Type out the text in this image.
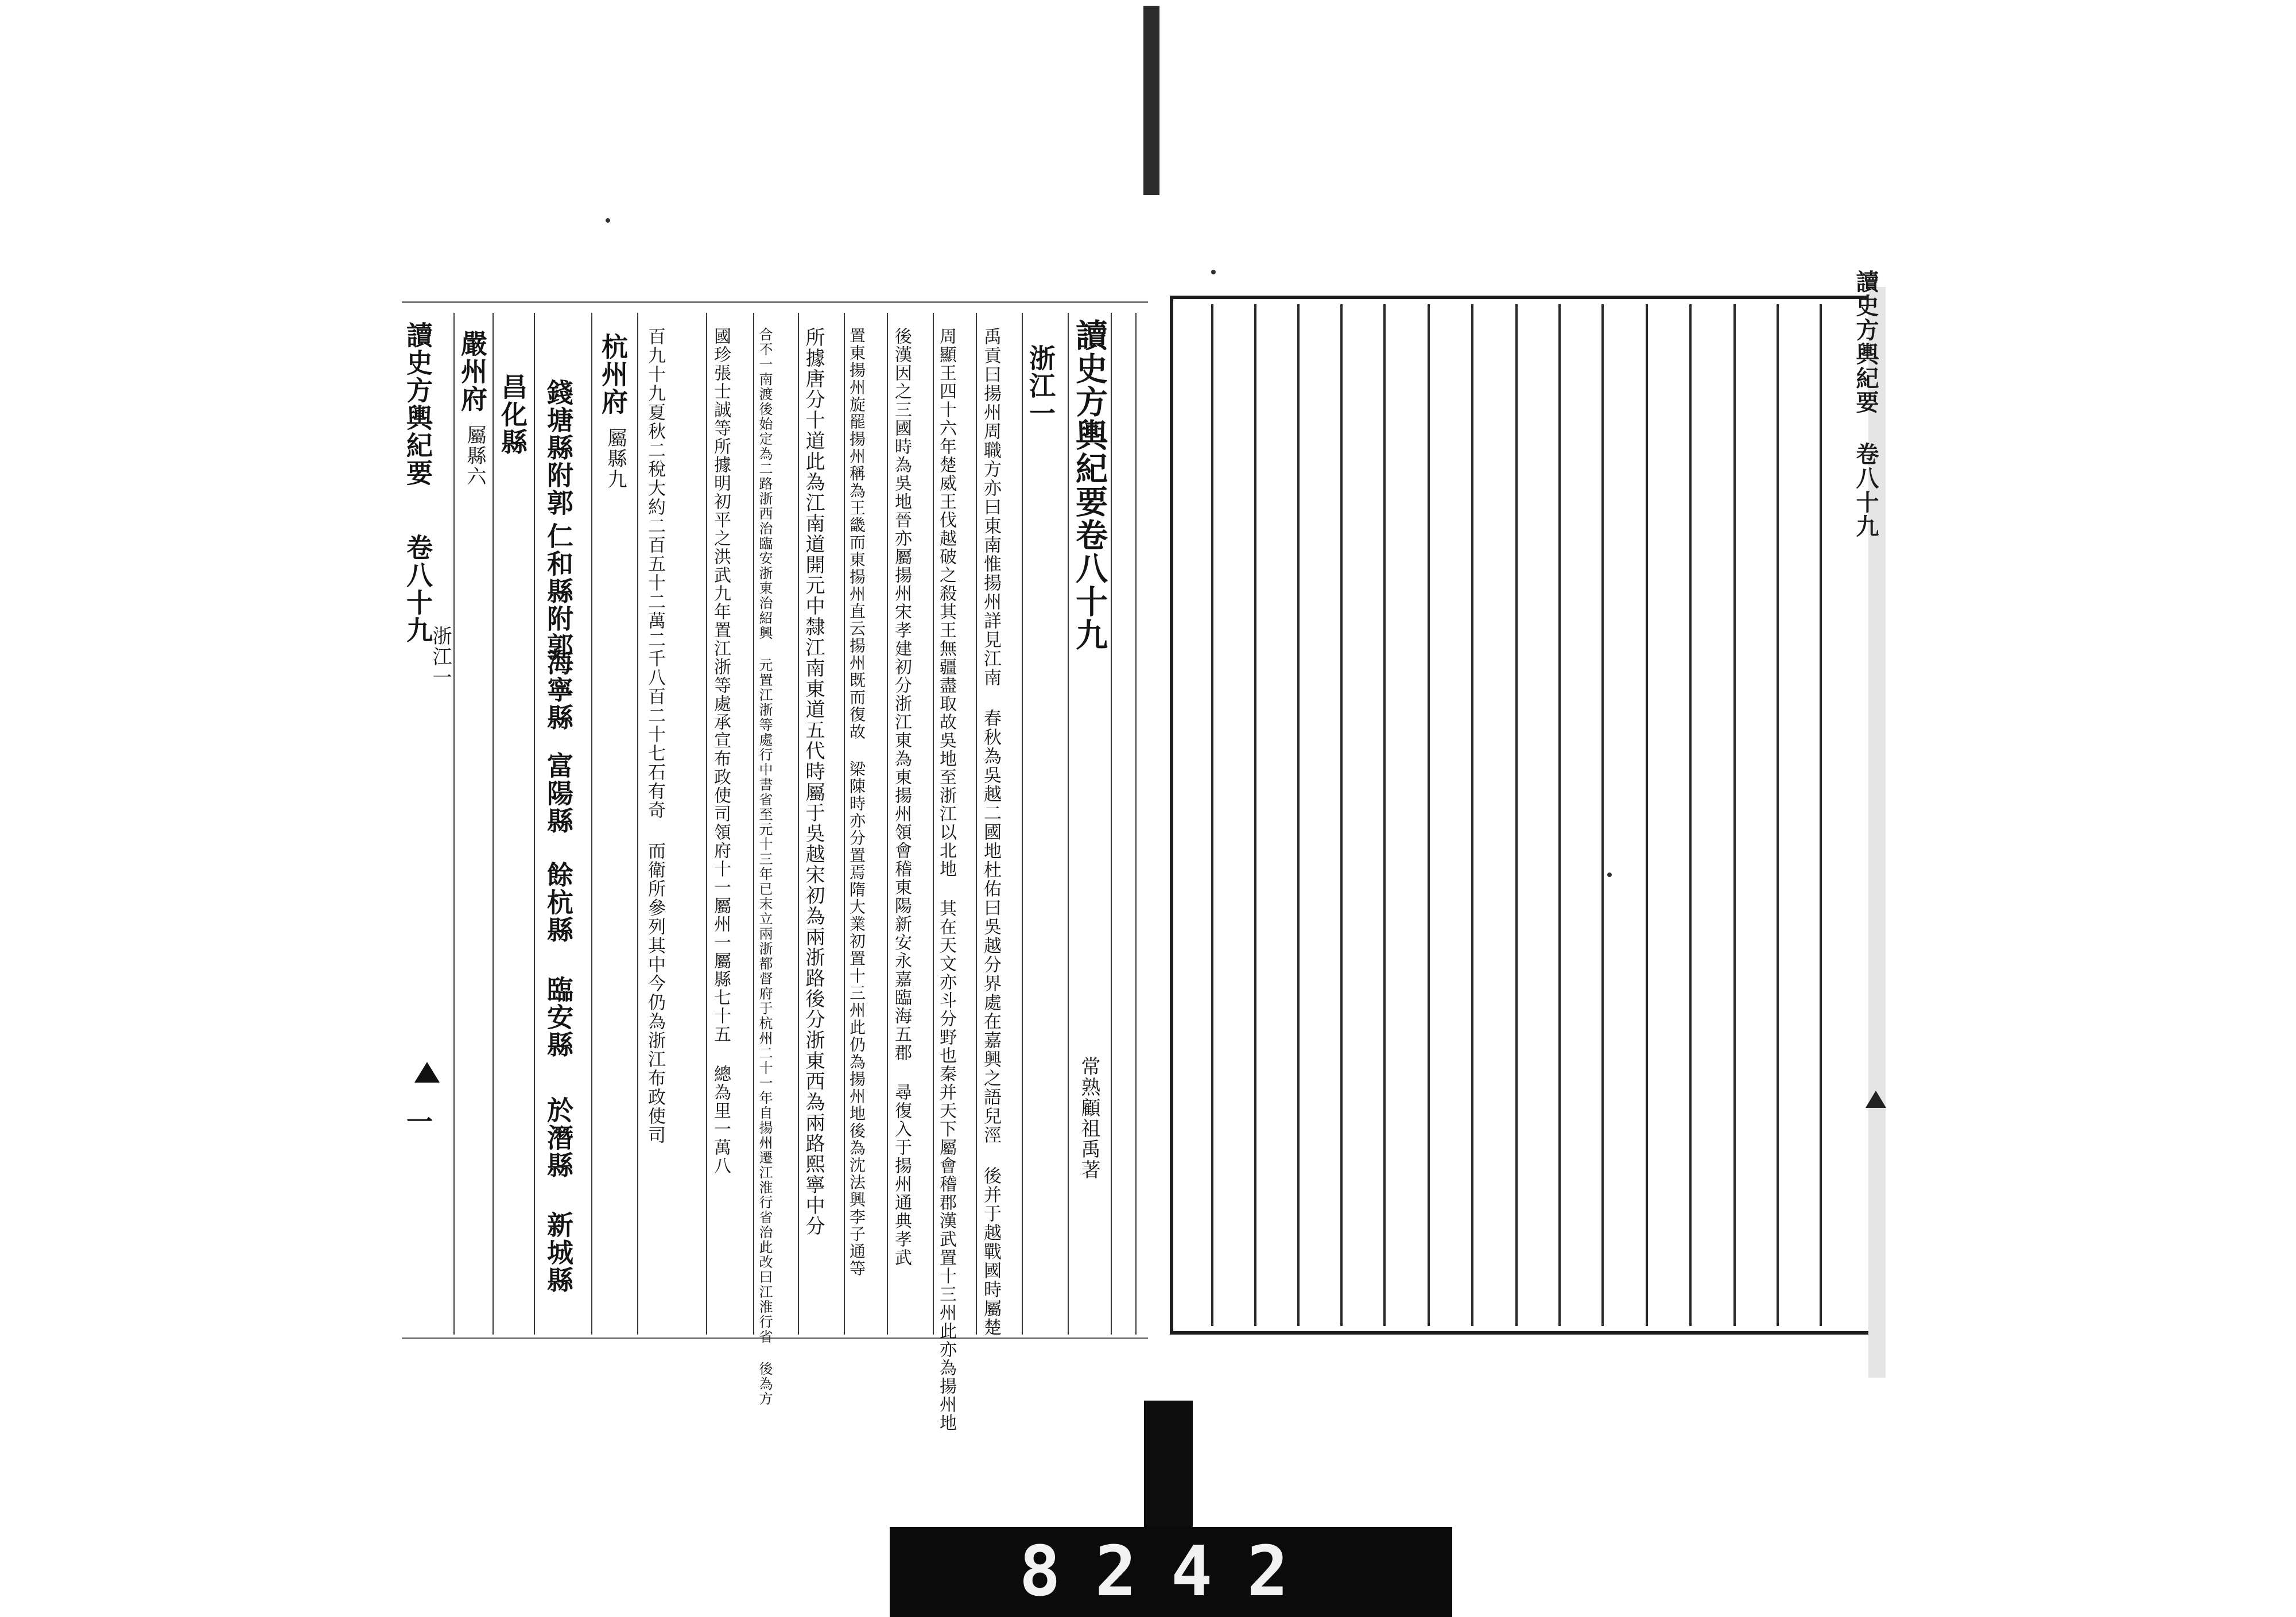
讀史方輿紀要
卷八十九
浙江一
一
嚴州府
屬縣六 昌化縣 錢塘縣附郭
仁和縣附郭
海寧縣
富陽縣
餘杭縣
臨安縣
於潛縣
新城縣
杭州府
屬縣九 百九十九夏秋二稅大約二百五十二萬二千八百二十七石有奇 而衛所參列其中今仍為浙江布政使司	國珍張士誠等所據明初平之洪武九年置江浙等處承宣布政使司領府十一屬州一屬縣七十五 總為里一萬八 合不一南渡後始定為二路浙西治臨安浙東治紹興 元置江浙等處行中書省至元十三年已末立兩浙都督府于杭州二十一年自揚州遷江淮行省治此改曰江淮行省 後為方 所據唐分十道此為江南道開元中隸江南東道五代時屬于吳越宋初為兩浙路後分浙東西為兩路熙寧中分 置東揚州旋罷揚州稱為王畿而東揚州直云揚州既而復故 梁陳時亦分置焉隋大業初置十三州此仍為揚州地後為沈法興李子通等 後漢因之三國時為吳地晉亦屬揚州宋孝建初分浙江東為東揚州領會稽東陽新安永嘉臨海五郡 尋復入于揚州通典孝武 周顯王四十六年楚威王伐越破之殺其王無疆盡取故吳地至浙江以北地 其在天文亦斗分野也秦并天下屬會稽郡漢武置十三州此亦為揚州地 禹貢曰揚州周職方亦曰東南惟揚州詳見江南 春秋為吳越二國地杜佑曰吳越分界處在嘉興之語兒涇 後并于越戰國時屬楚 浙江一 讀史方輿紀要卷八十九
常熟顧祖禹著
讀史方輿紀要
卷八十九
8242
